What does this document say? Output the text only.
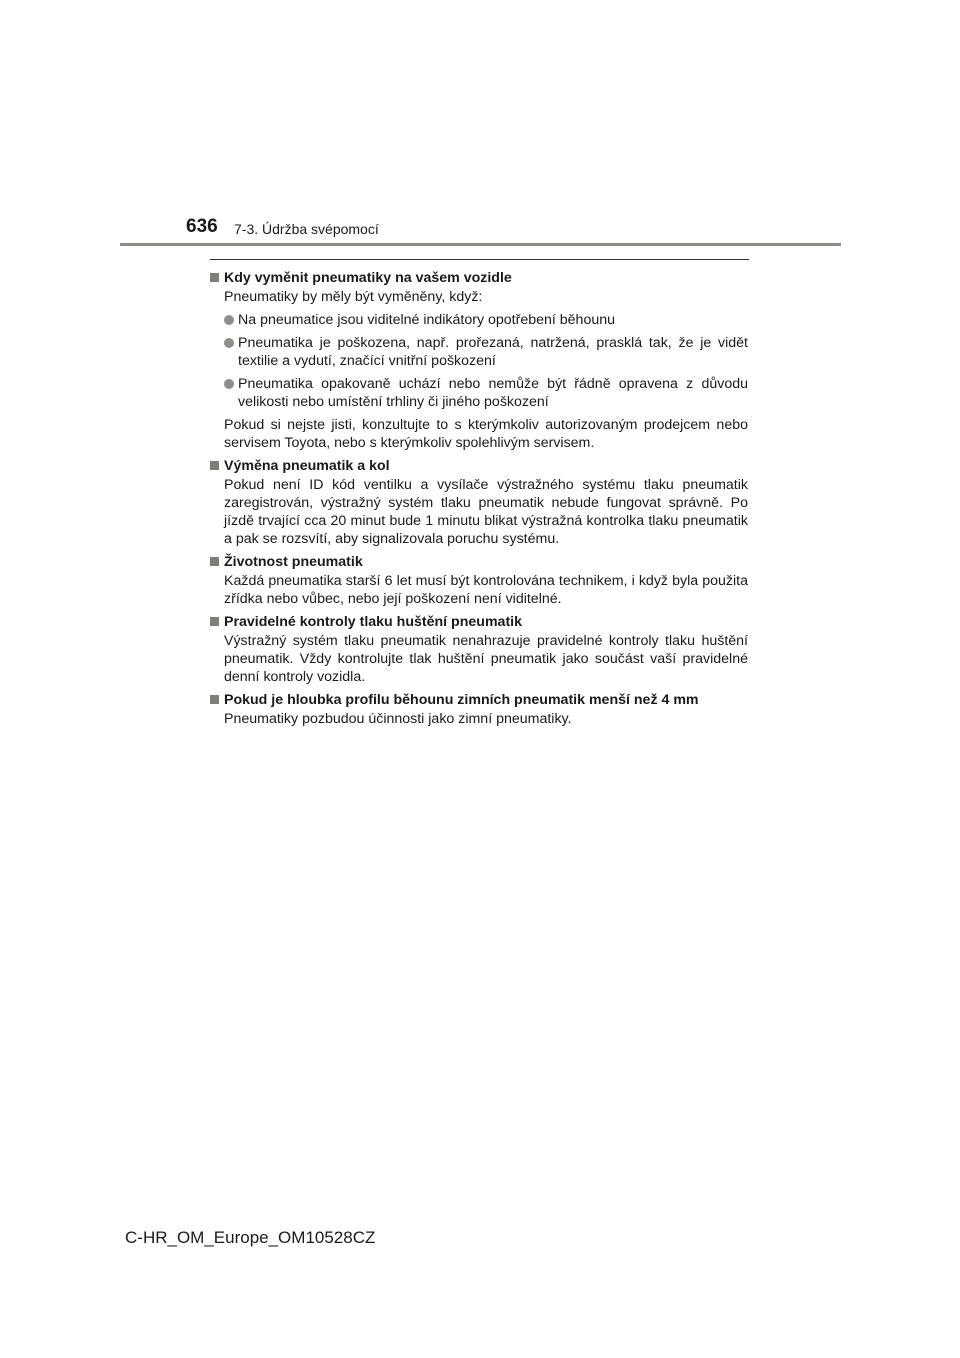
636 7-3. Údržba svépomocí
Kdy vyměnit pneumatiky na vašem vozidle
Pneumatiky by měly být vyměněny, když:
Na pneumatice jsou viditelné indikátory opotřebení běhounu
Pneumatika je poškozena, např. prořezaná, natržená, prasklá tak, že je vidět textilie a vydutí, značící vnitřní poškození
Pneumatika opakovaně uchází nebo nemůže být řádně opravena z důvodu velikosti nebo umístění trhliny či jiného poškození
Pokud si nejste jisti, konzultujte to s kterýmkoliv autorizovaným prodejcem nebo servisem Toyota, nebo s kterýmkoliv spolehlivým servisem.
Výměna pneumatik a kol
Pokud není ID kód ventilku a vysílače výstražného systému tlaku pneumatik zaregistrován, výstražný systém tlaku pneumatik nebude fungovat správně. Po jízdě trvající cca 20 minut bude 1 minutu blikat výstražná kontrolka tlaku pneumatik a pak se rozsvítí, aby signalizovala poruchu systému.
Životnost pneumatik
Každá pneumatika starší 6 let musí být kontrolována technikem, i když byla použita zřídka nebo vůbec, nebo její poškození není viditelné.
Pravidelné kontroly tlaku huštění pneumatik
Výstražný systém tlaku pneumatik nenahrazuje pravidelné kontroly tlaku huštění pneumatik. Vždy kontrolujte tlak huštění pneumatik jako součást vaší pravidelné denní kontroly vozidla.
Pokud je hloubka profilu běhounu zimních pneumatik menší než 4 mm
Pneumatiky pozbudou účinnosti jako zimní pneumatiky.
C-HR_OM_Europe_OM10528CZ
